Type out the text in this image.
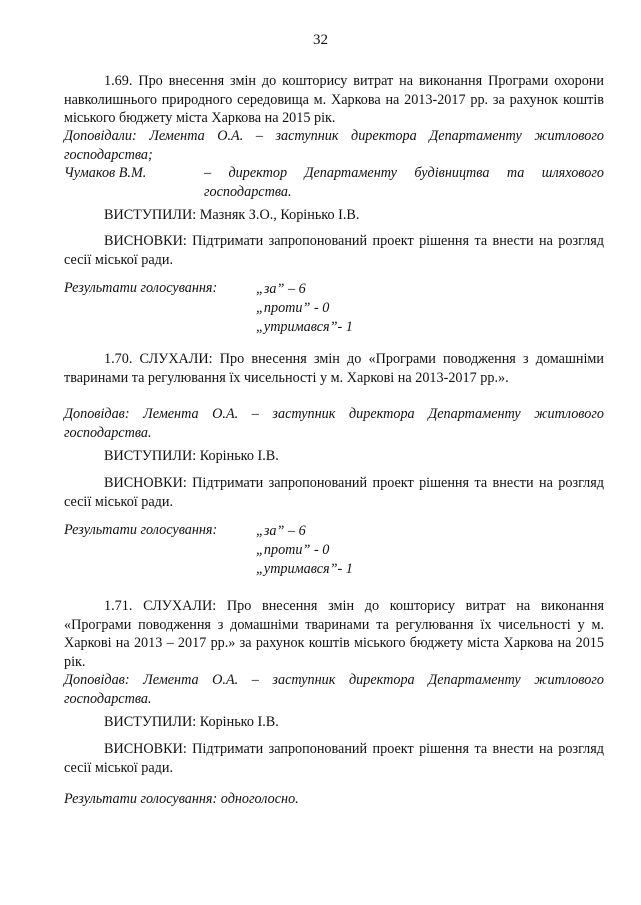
32

1.69. Про внесення змін до кошторису витрат на виконання Програми охорони навколишнього природного середовища м. Харкова на 2013-2017 рр. за рахунок коштів міського бюджету міста Харкова на 2015 рік.

Доповідали: Лемента О.А. – заступник директора Департаменту житлового господарства;

Чумаков В.М.	– директор Департаменту будівництва та шляхового господарства.

ВИСТУПИЛИ: Мазняк З.О., Корінько І.В.

ВИСНОВКИ: Підтримати запропонований проект рішення та внести на розгляд сесії міської ради.

Результати голосування:	„за” – 6
„проти” - 0
„утримався”- 1

1.70. СЛУХАЛИ: Про внесення змін до «Програми поводження з домашніми тваринами та регулювання їх чисельності у м. Харкові на 2013-2017 рр.».

Доповідав: Лемента О.А. – заступник директора Департаменту житлового господарства.

ВИСТУПИЛИ: Корінько І.В.

ВИСНОВКИ: Підтримати запропонований проект рішення та внести на розгляд сесії міської ради.

Результати голосування:	„за” – 6
„проти” - 0
„утримався”- 1

1.71. СЛУХАЛИ: Про внесення змін до кошторису витрат на виконання «Програми поводження з домашніми тваринами та регулювання їх чисельності у м. Харкові на 2013 – 2017 рр.» за рахунок коштів міського бюджету міста Харкова на 2015 рік.

Доповідав: Лемента О.А. – заступник директора Департаменту житлового господарства.

ВИСТУПИЛИ: Корінько І.В.

ВИСНОВКИ: Підтримати запропонований проект рішення та внести на розгляд сесії міської ради.

Результати голосування: одноголосно.
